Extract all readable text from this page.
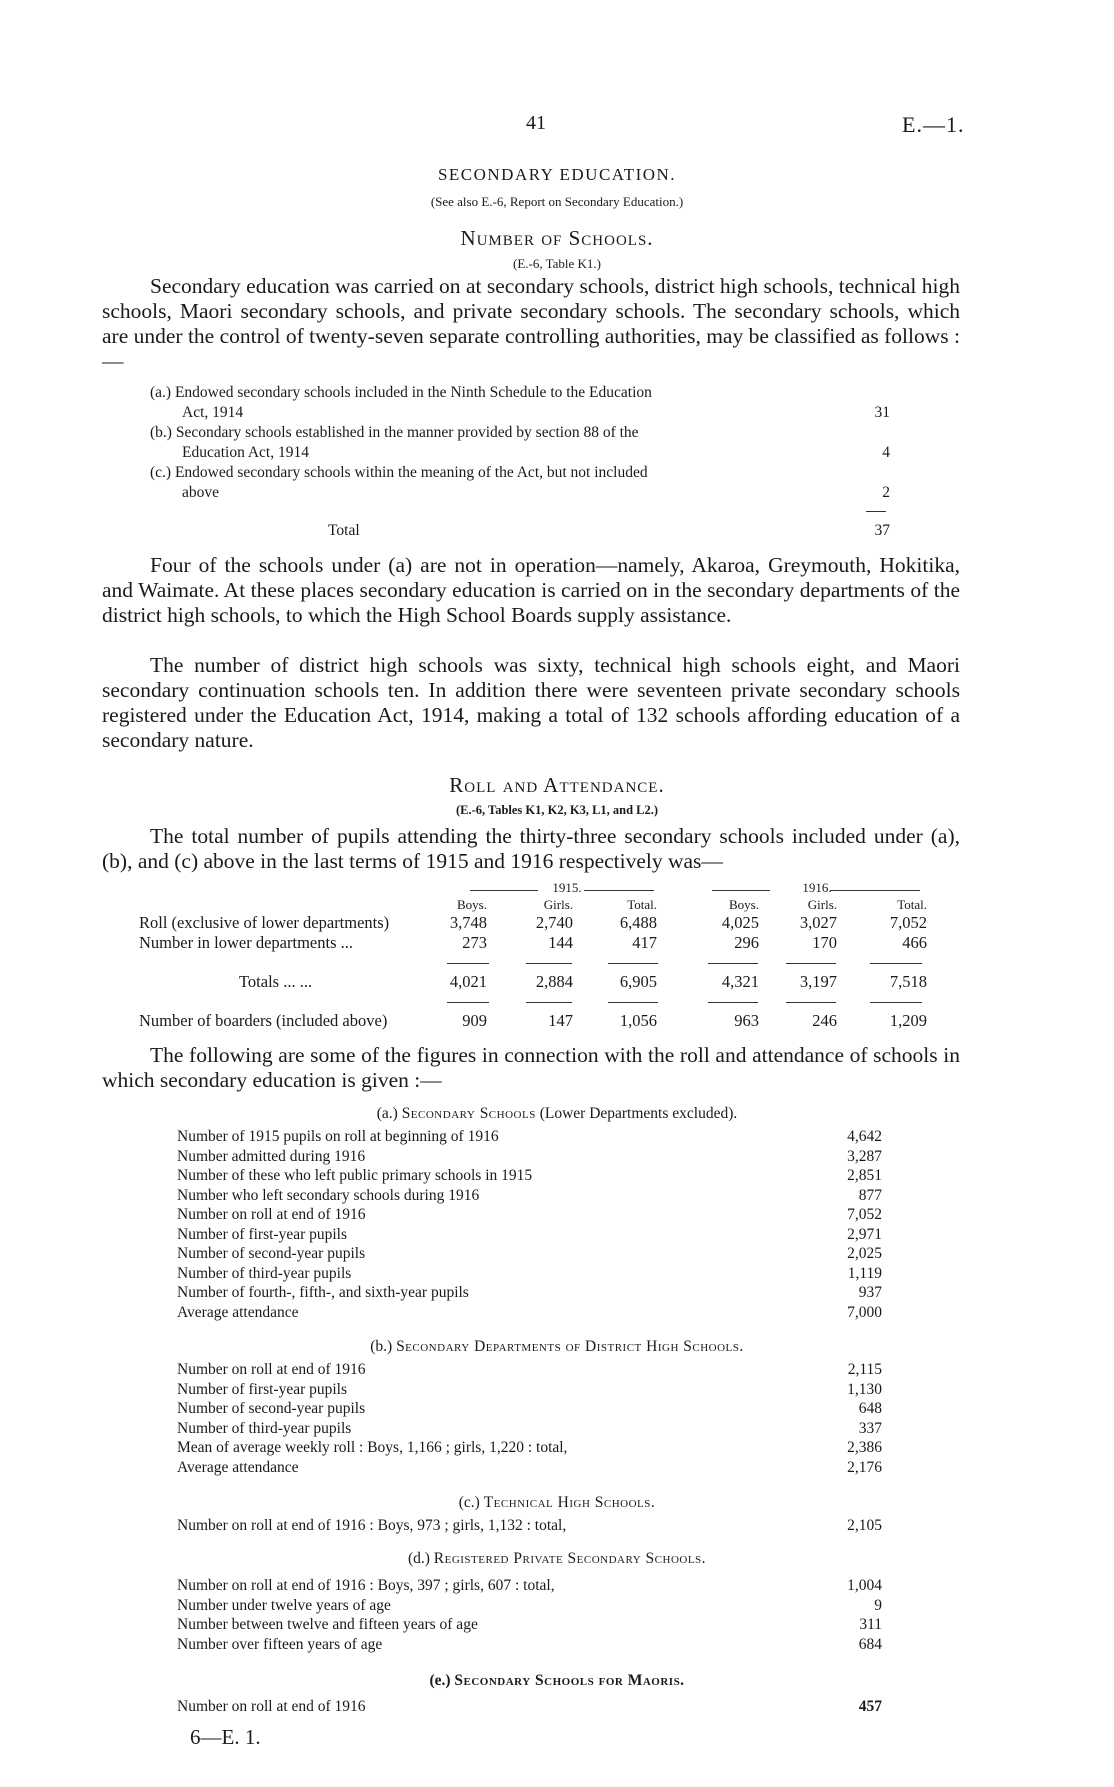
41	E.—1.
SECONDARY EDUCATION.
(See also E.-6, Report on Secondary Education.)
Number of Schools.
(E.-6, Table K1.)
Secondary education was carried on at secondary schools, district high schools, technical high schools, Maori secondary schools, and private secondary schools. The secondary schools, which are under the control of twenty-seven separate controlling authorities, may be classified as follows :—
(a.) Endowed secondary schools included in the Ninth Schedule to the Education
Act, 1914	31
(b.) Secondary schools established in the manner provided by section 88 of the
Education Act, 1914	4
(c.) Endowed secondary schools within the meaning of the Act, but not included
above	2
Total	37
Four of the schools under (a) are not in operation—namely, Akaroa, Greymouth, Hokitika, and Waimate. At these places secondary education is carried on in the secondary departments of the district high schools, to which the High School Boards supply assistance.
The number of district high schools was sixty, technical high schools eight, and Maori secondary continuation schools ten. In addition there were seventeen private secondary schools registered under the Education Act, 1914, making a total of 132 schools affording education of a secondary nature.
Roll and Attendance.
(E.-6, Tables K1, K2, K3, L1, and L2.)
The total number of pupils attending the thirty-three secondary schools included under (a), (b), and (c) above in the last terms of 1915 and 1916 respectively was—
1915.	1916.
Boys.	Girls.	Total.	Boys.	Girls.	Total.
Roll (exclusive of lower departments)	3,748	2,740	6,488	4,025	3,027	7,052
Number in lower departments ...	273	144	417	296	170	466
Totals ... ...	4,021	2,884	6,905	4,321	3,197	7,518
Number of boarders (included above)	909	147	1,056	963	246	1,209
The following are some of the figures in connection with the roll and attendance of schools in which secondary education is given :—
(a.) Secondary Schools (Lower Departments excluded).
Number of 1915 pupils on roll at beginning of 1916	4,642
Number admitted during 1916	3,287
Number of these who left public primary schools in 1915	2,851
Number who left secondary schools during 1916	877
Number on roll at end of 1916	7,052
Number of first-year pupils	2,971
Number of second-year pupils	2,025
Number of third-year pupils	1,119
Number of fourth-, fifth-, and sixth-year pupils	937
Average attendance	7,000
(b.) Secondary Departments of District High Schools.
Number on roll at end of 1916	2,115
Number of first-year pupils	1,130
Number of second-year pupils	648
Number of third-year pupils	337
Mean of average weekly roll : Boys, 1,166 ; girls, 1,220 : total,	2,386
Average attendance	2,176
(c.) Technical High Schools.
Number on roll at end of 1916 : Boys, 973 ; girls, 1,132 : total,	2,105
(d.) Registered Private Secondary Schools.
Number on roll at end of 1916 : Boys, 397 ; girls, 607 : total,	1,004
Number under twelve years of age	9
Number between twelve and fifteen years of age	311
Number over fifteen years of age	684
(e.) Secondary Schools for Maoris.
Number on roll at end of 1916	457
6—E. 1.
